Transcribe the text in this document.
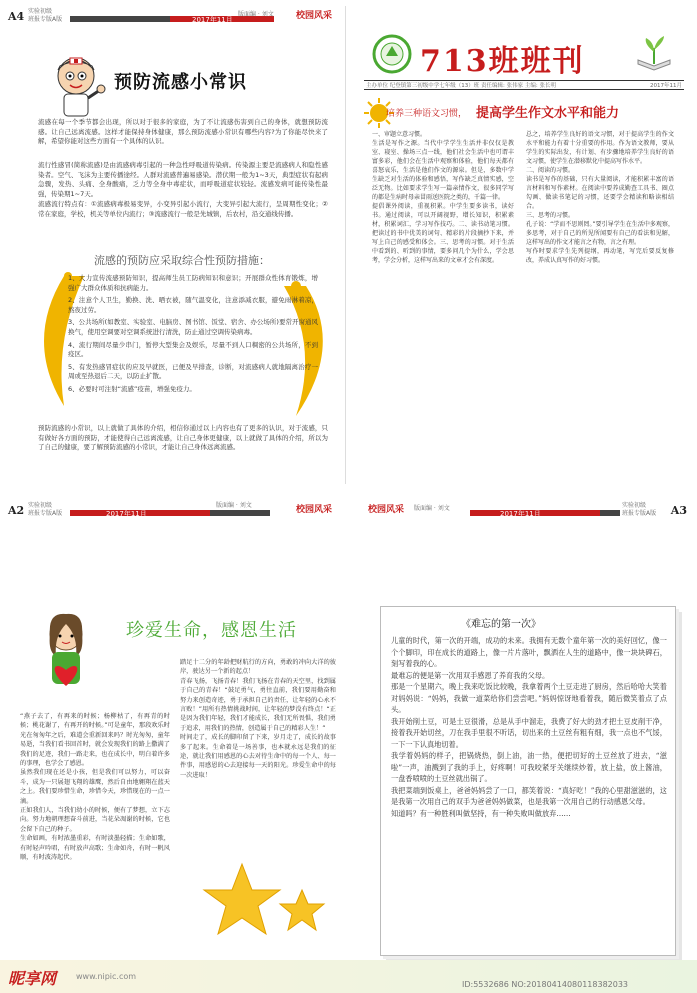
A4 实验初级
班报专版A版	2017年11月
版面编 · 刘文 校园风采
预防流感小常识
流感在每一个季节都会出现，所以对于很多的家庭，为了不让流感伤害到自己的身体，就想预防流感。让自己远离流感。这样才能保持身体健康，那么预防流感小常识有哪些内容?为了你能尽快来了解，希望你能对这些方面有一个具体的认识。
流行性感冒(简称流感)是由流感病毒引起的一种急性呼吸道传染病。传染源主要是流感病人和隐性感染者。空气、飞沫为主要传播途经。人群对流感普遍易感染。潜伏期一般为1~3天，典型症状有起病急骤，发热、头痛、全身酸痛，乏力等全身中毒症状，而呼吸道症状较轻。流感发病可能传染性最强，传染期1~7天。
流感流行特点有：①流感病毒极易变异，小变异引起小流行，大变异引起大流行，呈周期性变化；②常在家庭，学校，机关等单位内流行；③流感流行一般是先城镇，后农村，沿交通线传播。
流感的预防应采取综合性预防措施：
1、大力宣传流感预防知识，提高师生员工防病知识和意识；开展群众性体育锻炼，增强广大群众体质和抗病能力。
2、注意个人卫生，勤换、洗、晒衣被，随气温变化，注意添减衣服，避免雨淋着凉，熬夜过劳。
3、公共场所(如教室、实验室、电脑房、图书馆、饭堂、宿舍、办公场所)要常开窗通风换气，使用空调要对空调系统进行清洗，防止通过空调传染病毒。
4、流行期间尽量少串门，暂停大型集会及娱乐，尽量不到人口稠密的公共场所，不到疫区。
5、有发热感冒症状的应及早就医，已便及早排查，诊断，对流感病人就地隔离治疗一周或至热退后二天，以防止扩散。
6、必要时可注射“流感”疫苗，增强免疫力。
预防流感的小常识，以上就做了具体的介绍，相信你通过以上内容也有了更多的认识，对于流感，只有做好各方面的预防，才能使得自己远离流感，让自己身体更健康，以上就做了具体的介绍，所以为了自己的健康，要了解预防流感的小常识，才能让自己身体远离流感。
713班班刊
主办单位 纪登镇第三初级中学七年级（13）班 责任编辑: 张伟家 主编: 张长明	2017年11月
培养三种语文习惯， 提高学生作文水平和能力
一、审题立意习惯。
生活是写作之源。当代中学学生生活并非仅仅是教室、寝室、操场三点一线，他们社会生活中也可谓丰富多彩，他们会在生活中观察和体验，他们每天都有喜怒哀乐，生活是他们作文的源泉。但是，多数中学生缺乏对生活的体验和感悟，写作缺乏真情实感，空泛无物。比如要求学生写一篇亲情作文，很多同学写的都是生病时母亲冒雨送医院之类的，千篇一律。
提倡课外阅读，重视积累。中学生要多读书，读好书。通过阅读，可以开阔视野，增长知识，积累素材，积累词汇，学习写作技巧。二、读书动笔习惯。把读过的书中优美的词句、精彩的片段摘抄下来，并写上自己的感受和体会。三、思考的习惯。对于生活中看到的、听到的事情，要多问几个为什么，学会思考，学会分析，这样写出来的文章才会有深度。
总之，培养学生良好的语文习惯，对于提高学生的作文水平和能力有着十分重要的作用。作为语文教师，要从学生的实际出发，有计划、有步骤地培养学生良好的语文习惯，使学生在潜移默化中提高写作水平。
二、阅读的习惯。
读书是写作的基础，只有大量阅读，才能积累丰富的语言材料和写作素材。在阅读中要养成勤查工具书、圈点勾画、做读书笔记的习惯，还要学会精读和略读相结合。
三、思考的习惯。
孔子说：“学而不思则罔。”要引导学生在生活中多观察，多思考，对于自己的所见所闻要有自己的看法和见解，这样写出的作文才能言之有物，言之有理。
写作时要求学生先列提纲，再动笔，写完后要反复修改，养成认真写作的好习惯。
A2 实验初级
班报专版A版	2017年11月
版面编 · 刘文	校园风采
珍爱生命，感恩生活
“燕子去了，有再来的时候；杨柳枯了，有再青的时候；桃花谢了，有再开的时候。”可是童年，那段欢乐时光在匆匆年之后，难道会重新回来吗？时光匆匆，童年易逝，当我们看书回首时，就会发现我们的路上撒满了我们的足迹，我们一路走来，也在成长中，明白着许多的事理，也学会了感恩。
虽然我们现在还是小孩，但是我们可以努力，可以奋斗，成为一只展翅飞翔的雄鹰，然后自由地翱翔在蓝天之上。我们要珍惜生命，珍惜今天，珍惜现在的一点一滴。
正如我们人，当我们幼小的时候，便有了梦想，立下志向。努力地朝理想奋斗前进，当花朵凋谢的时候，它也会留下自己的种子。
生命如画，有时浓墨重彩，有时淡墨轻描；生命如歌，有时轻声吟唱，有时放声高歌；生命如舟，有时一帆风顺，有时波涛起伏。
踏足十二分的年龄把财航行的方向，勇敢的冲向大洋的彼岸，驶达另一个新的起点！
青春飞扬，飞扬青春！我们飞扬在青春的天空里，找到属于自己的青春！“鼓足勇气，勇往直前，我们要用勤奋和努力来创造奇迹，勇于承担自己的责任，让年轻的心永不言败！”用所有热情挑战时间，让年轻的梦没有终点！“正是因为我们年轻，我们才能成长，我们无所畏惧，我们勇于追求，用我们的热情，创造属于自己的精彩人生！”
时间走了，成长的脚印留了下来，岁月走了，成长的故事多了起来。生命着是一场善事，也本就永远是我们的征途，就让我们用感恩的心去对待生命中的每一个人、每一件事，用感恩的心去迎接每一天的阳光。珍爱生命中的每一次进取！
校园风采 版面编 · 刘文
2017年11月
实验初级
班报专版A版 A3
《难忘的第一次》
儿童的时代，第一次的开端，成功的未来。我拥有无数个童年第一次的美好回忆，像一个个脚印，印在成长的道路上，像一片片落叶，飘洒在人生的道路中，像一块块碑石，刻写着我的心。
最难忘的便是第一次用双手感恩了养育我的父母。
那是一个星期六，晚上我来吃饭比较晚，我拿着两个土豆走进了厨房，然后哈哈大笑着对妈妈说：“妈妈，我做一道菜给你们尝尝吧。”妈妈惊讶地看着我，随后微笑着点了点头。
我开始削土豆，可是土豆很滑，总是从手中溜走，我费了好大的劲才把土豆皮削干净，接着我开始切丝，刀在我手里很不听话，切出来的土豆丝有粗有细，我一点也不气馁，一下一下认真地切着。
我学着妈妈的样子，把锅烧热，倒上油，油一热，便把切好的土豆丝放了进去，“滋啦”一声，油溅到了我的手上，好疼啊！可我咬紧牙关继续炒着，放上盐，放上酱油，一盘香喷喷的土豆丝就出锅了。
我把菜端到饭桌上，爸爸妈妈尝了一口，都笑着说：“真好吃！”我的心里甜滋滋的，这是我第一次用自己的双手为爸爸妈妈做菜，也是我第一次用自己的行动感恩父母。
知道吗？有一种胜利叫做坚持，有一种失败叫做放弃……
昵享网 www.nipic.com
ID:5532686 NO:20180414080118382033
